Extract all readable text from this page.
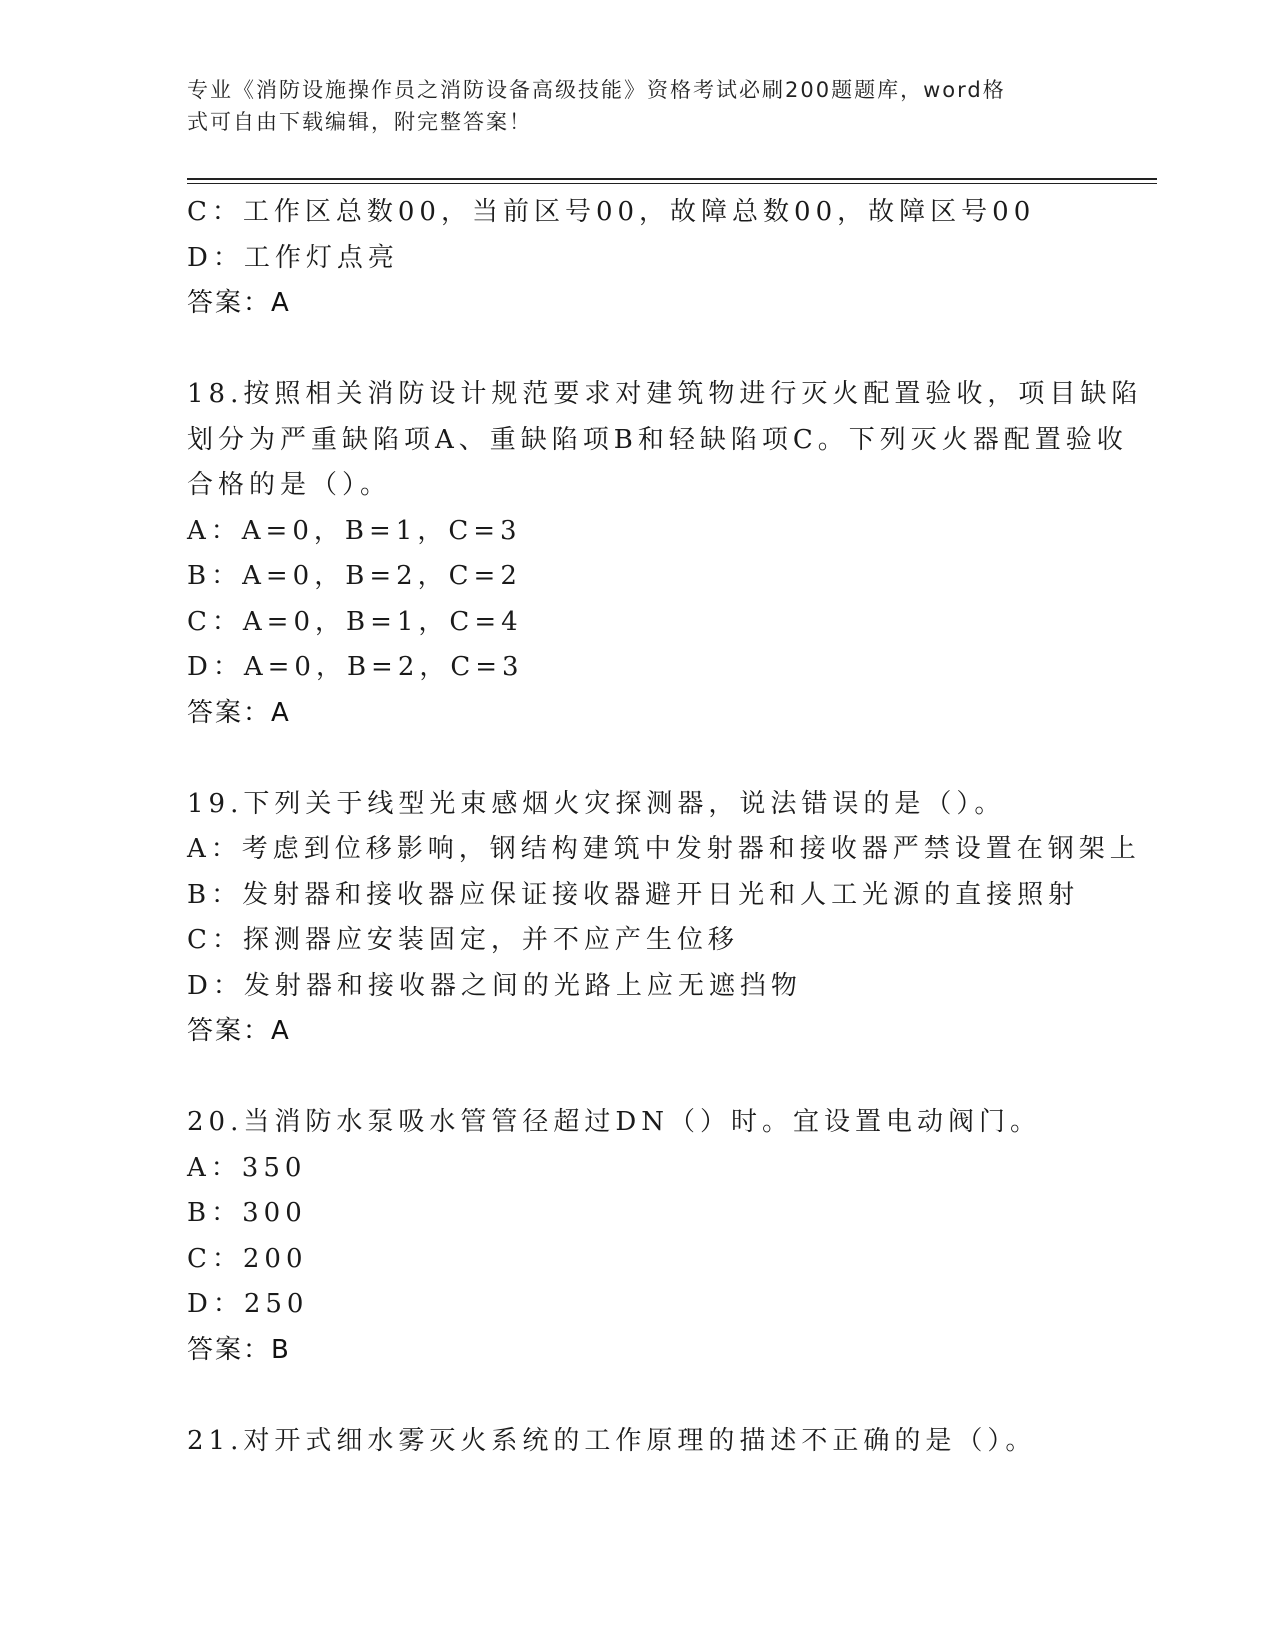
专业《消防设施操作员之消防设备高级技能》资格考试必刷200题题库，word格
式可自由下载编辑，附完整答案！
C：工作区总数00，当前区号00，故障总数00，故障区号00
D：工作灯点亮
答案：A
18.按照相关消防设计规范要求对建筑物进行灭火配置验收，项目缺陷
划分为严重缺陷项A、重缺陷项B和轻缺陷项C。下列灭火器配置验收
合格的是（）。
A：A=0，B=1，C=3
B：A=0，B=2，C=2
C：A=0，B=1，C=4
D：A=0，B=2，C=3
答案：A
19.下列关于线型光束感烟火灾探测器，说法错误的是（）。
A：考虑到位移影响，钢结构建筑中发射器和接收器严禁设置在钢架上
B：发射器和接收器应保证接收器避开日光和人工光源的直接照射
C：探测器应安装固定，并不应产生位移
D：发射器和接收器之间的光路上应无遮挡物
答案：A
20.当消防水泵吸水管管径超过DN（）时。宜设置电动阀门。
A：350
B：300
C：200
D：250
答案：B
21.对开式细水雾灭火系统的工作原理的描述不正确的是（）。
